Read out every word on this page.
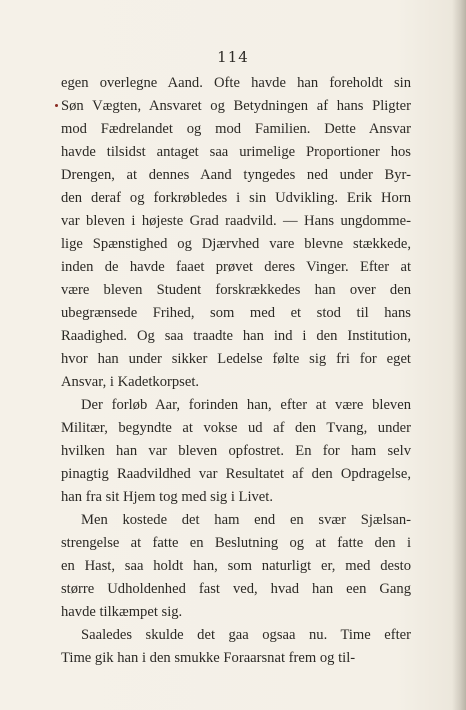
114
egen overlegne Aand. Ofte havde han foreholdt sin
Søn Vægten, Ansvaret og Betydningen af hans Pligter
mod Fædrelandet og mod Familien. Dette Ansvar
havde tilsidst antaget saa urimelige Proportioner hos
Drengen, at dennes Aand tyngedes ned under Byr-
den deraf og forkrøbledes i sin Udvikling. Erik Horn
var bleven i højeste Grad raadvild. — Hans ungdomme-
lige Spænstighed og Djærvhed vare blevne stækkede,
inden de havde faaet prøvet deres Vinger. Efter at
være bleven Student forskrækkedes han over den
ubegrænsede Frihed, som med et stod til hans
Raadighed. Og saa traadte han ind i den Institution,
hvor han under sikker Ledelse følte sig fri for eget
Ansvar, i Kadetkorpset.
Der forløb Aar, forinden han, efter at være bleven
Militær, begyndte at vokse ud af den Tvang, under
hvilken han var bleven opfostret. En for ham selv
pinagtig Raadvildhed var Resultatet af den Opdragelse,
han fra sit Hjem tog med sig i Livet.
Men kostede det ham end en svær Sjælsan-
strengelse at fatte en Beslutning og at fatte den i
en Hast, saa holdt han, som naturligt er, med desto
større Udholdenhed fast ved, hvad han een Gang
havde tilkæmpet sig.
Saaledes skulde det gaa ogsaa nu. Time efter
Time gik han i den smukke Foraarsnat frem og til-
